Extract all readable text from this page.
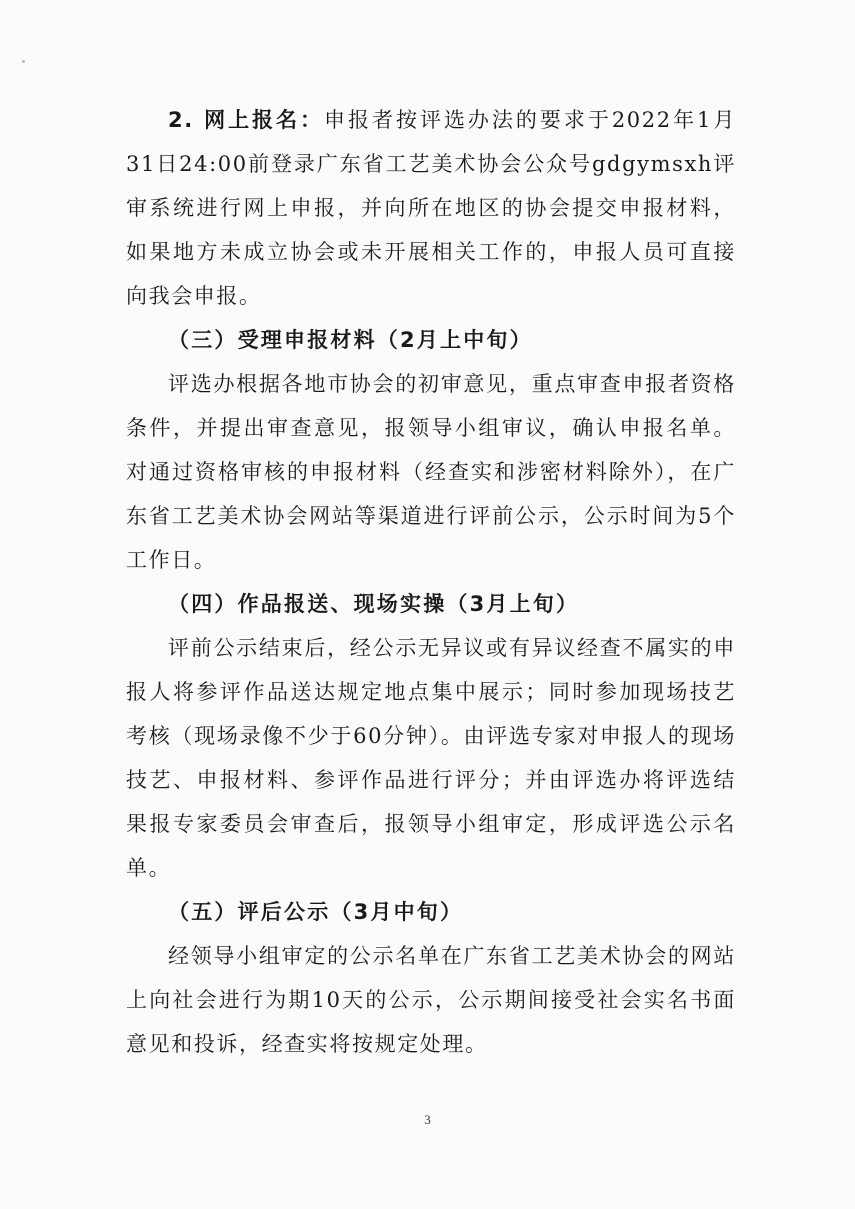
2. 网上报名：申报者按评选办法的要求于2022年1月31日24:00前登录广东省工艺美术协会公众号gdgymsxh评审系统进行网上申报，并向所在地区的协会提交申报材料，如果地方未成立协会或未开展相关工作的，申报人员可直接向我会申报。

（三）受理申报材料（2月上中旬）

评选办根据各地市协会的初审意见，重点审查申报者资格条件，并提出审查意见，报领导小组审议，确认申报名单。对通过资格审核的申报材料（经查实和涉密材料除外），在广东省工艺美术协会网站等渠道进行评前公示，公示时间为5个工作日。

（四）作品报送、现场实操（3月上旬）

评前公示结束后，经公示无异议或有异议经查不属实的申报人将参评作品送达规定地点集中展示；同时参加现场技艺考核（现场录像不少于60分钟）。由评选专家对申报人的现场技艺、申报材料、参评作品进行评分；并由评选办将评选结果报专家委员会审查后，报领导小组审定，形成评选公示名单。

（五）评后公示（3月中旬）

经领导小组审定的公示名单在广东省工艺美术协会的网站上向社会进行为期10天的公示，公示期间接受社会实名书面意见和投诉，经查实将按规定处理。

3
